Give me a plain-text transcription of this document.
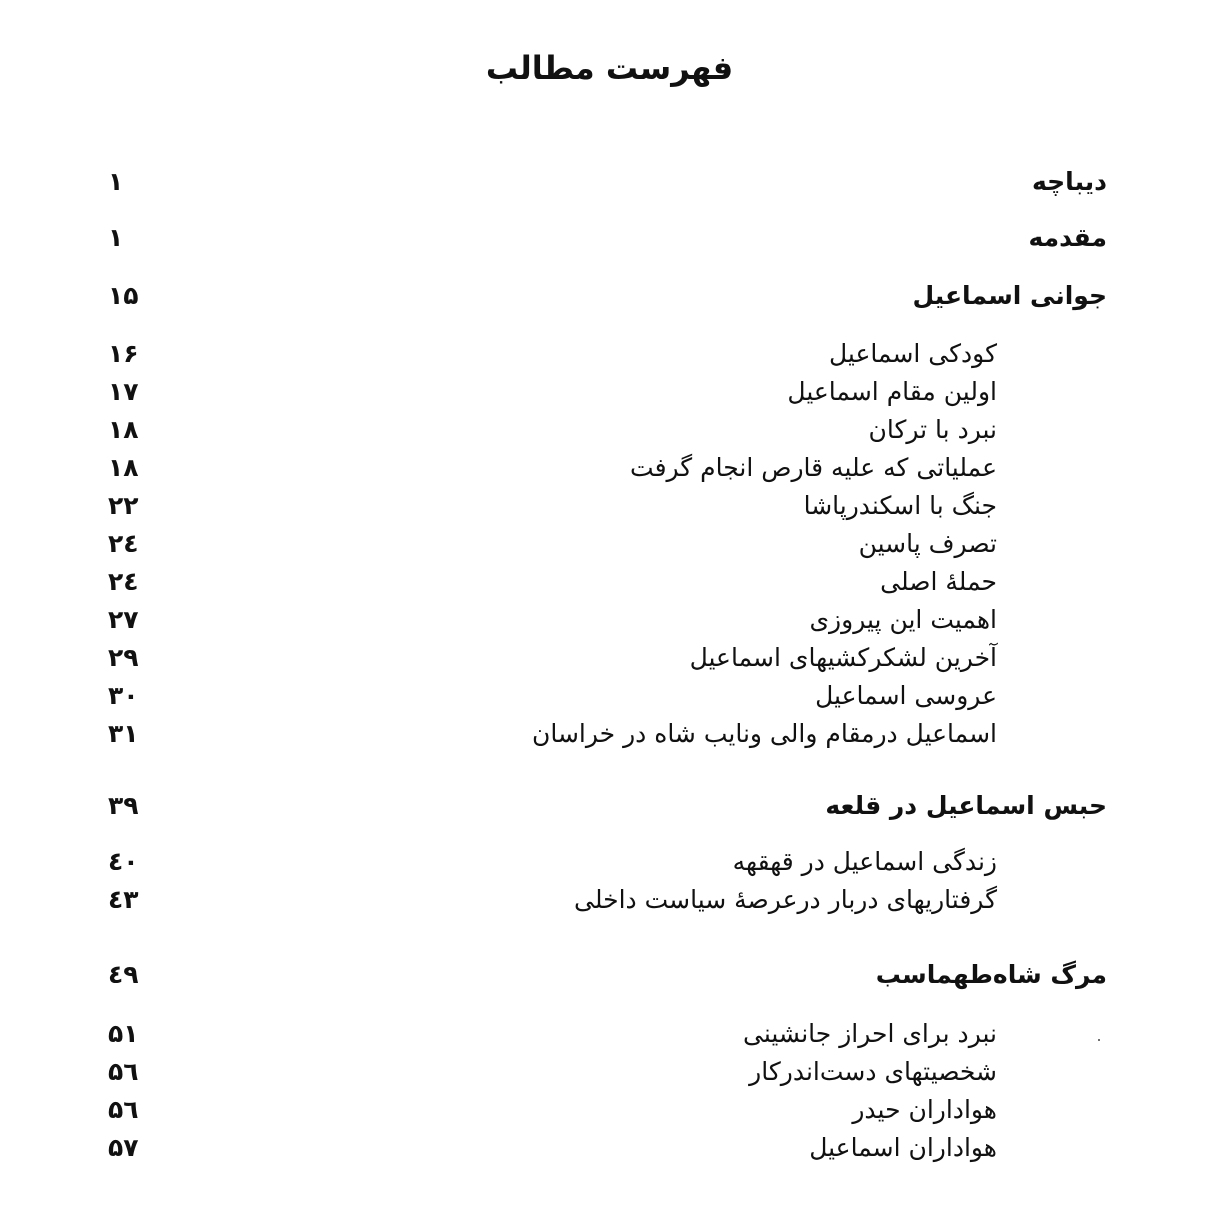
فهرست مطالب
دیباچه
۱
مقدمه
۱
جوانی اسماعیل
۱۵
کودکی اسماعیل
۱۶
اولین مقام اسماعیل
۱۷
نبرد با ترکان
۱۸
عملیاتی که علیه قارص انجام گرفت
۱۸
جنگ با اسکندرپاشا
۲۲
تصرف پاسین
۲٤
حملهٔ اصلی
۲٤
اهمیت این پیروزی
۲۷
آخرین لشکرکشیهای اسماعیل
۲۹
عروسی اسماعیل
۳۰
اسماعیل درمقام والی ونایب شاه در خراسان
۳۱
حبس اسماعیل در قلعه
۳۹
زندگی اسماعیل در قهقهه
٤۰
گرفتاریهای دربار درعرصهٔ سیاست داخلی
٤۳
مرگ شاه‌طهماسب
٤۹
نبرد برای احراز جانشینی
۵۱
شخصیتهای دست‌اندرکار
۵٦
هواداران حیدر
۵٦
هواداران اسماعیل
۵۷
